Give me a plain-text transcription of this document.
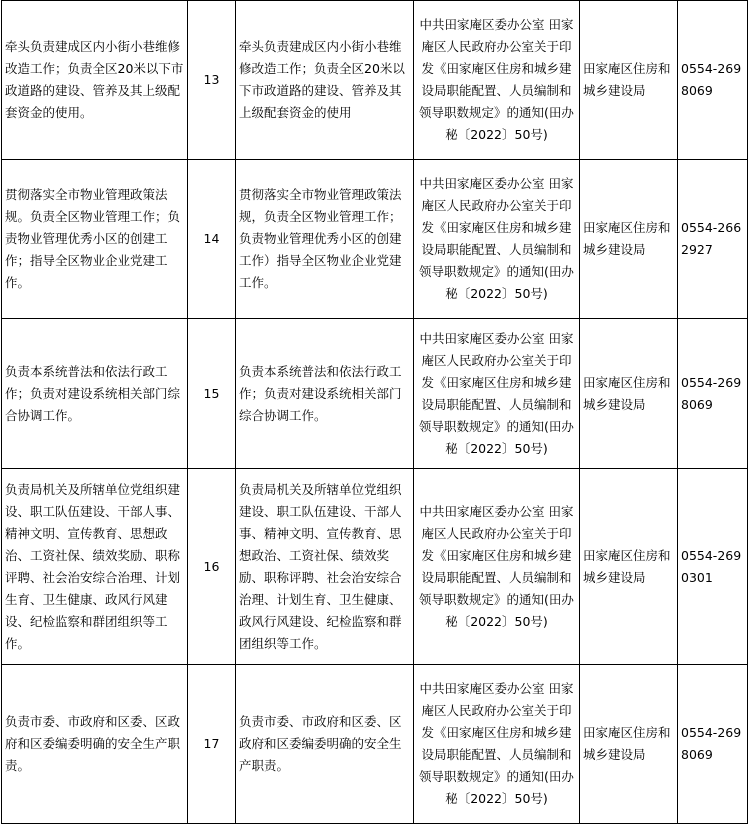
牵头负责建成区内小街小巷维修改造工作；负责全区20米以下市政道路的建设、管养及其上级配套资金的使用。	13	牵头负责建成区内小街小巷维修改造工作；负责全区20米以下市政道路的建设、管养及其上级配套资金的使用	中共田家庵区委办公室 田家庵区人民政府办公室关于印发《田家庵区住房和城乡建设局职能配置、人员编制和领导职数规定》的通知(田办秘〔2022〕50号)	田家庵区住房和城乡建设局	0554-2698069
贯彻落实全市物业管理政策法规。负责全区物业管理工作；负责物业管理优秀小区的创建工作；指导全区物业企业党建工作。	14	贯彻落实全市物业管理政策法规，负责全区物业管理工作；负责物业管理优秀小区的创建工作）指导全区物业企业党建工作。	中共田家庵区委办公室 田家庵区人民政府办公室关于印发《田家庵区住房和城乡建设局职能配置、人员编制和领导职数规定》的通知(田办秘〔2022〕50号)	田家庵区住房和城乡建设局	0554-2662927
负责本系统普法和依法行政工作；负责对建设系统相关部门综合协调工作。	15	负责本系统普法和依法行政工作；负责对建设系统相关部门综合协调工作。	中共田家庵区委办公室 田家庵区人民政府办公室关于印发《田家庵区住房和城乡建设局职能配置、人员编制和领导职数规定》的通知(田办秘〔2022〕50号)	田家庵区住房和城乡建设局	0554-2698069
负责局机关及所辖单位党组织建设、职工队伍建设、干部人事、精神文明、宣传教育、思想政治、工资社保、绩效奖励、职称评聘、社会治安综合治理、计划生育、卫生健康、政风行风建设、纪检监察和群团组织等工作。	16	负责局机关及所辖单位党组织建设、职工队伍建设、干部人事、精神文明、宣传教育、思想政治、工资社保、绩效奖励、职称评聘、社会治安综合治理、计划生育、卫生健康、政风行风建设、纪检监察和群团组织等工作。	中共田家庵区委办公室 田家庵区人民政府办公室关于印发《田家庵区住房和城乡建设局职能配置、人员编制和领导职数规定》的通知(田办秘〔2022〕50号)	田家庵区住房和城乡建设局	0554-2690301
负责市委、市政府和区委、区政府和区委编委明确的安全生产职责。	17	负责市委、市政府和区委、区政府和区委编委明确的安全生产职责。	中共田家庵区委办公室 田家庵区人民政府办公室关于印发《田家庵区住房和城乡建设局职能配置、人员编制和领导职数规定》的通知(田办秘〔2022〕50号)	田家庵区住房和城乡建设局	0554-2698069
